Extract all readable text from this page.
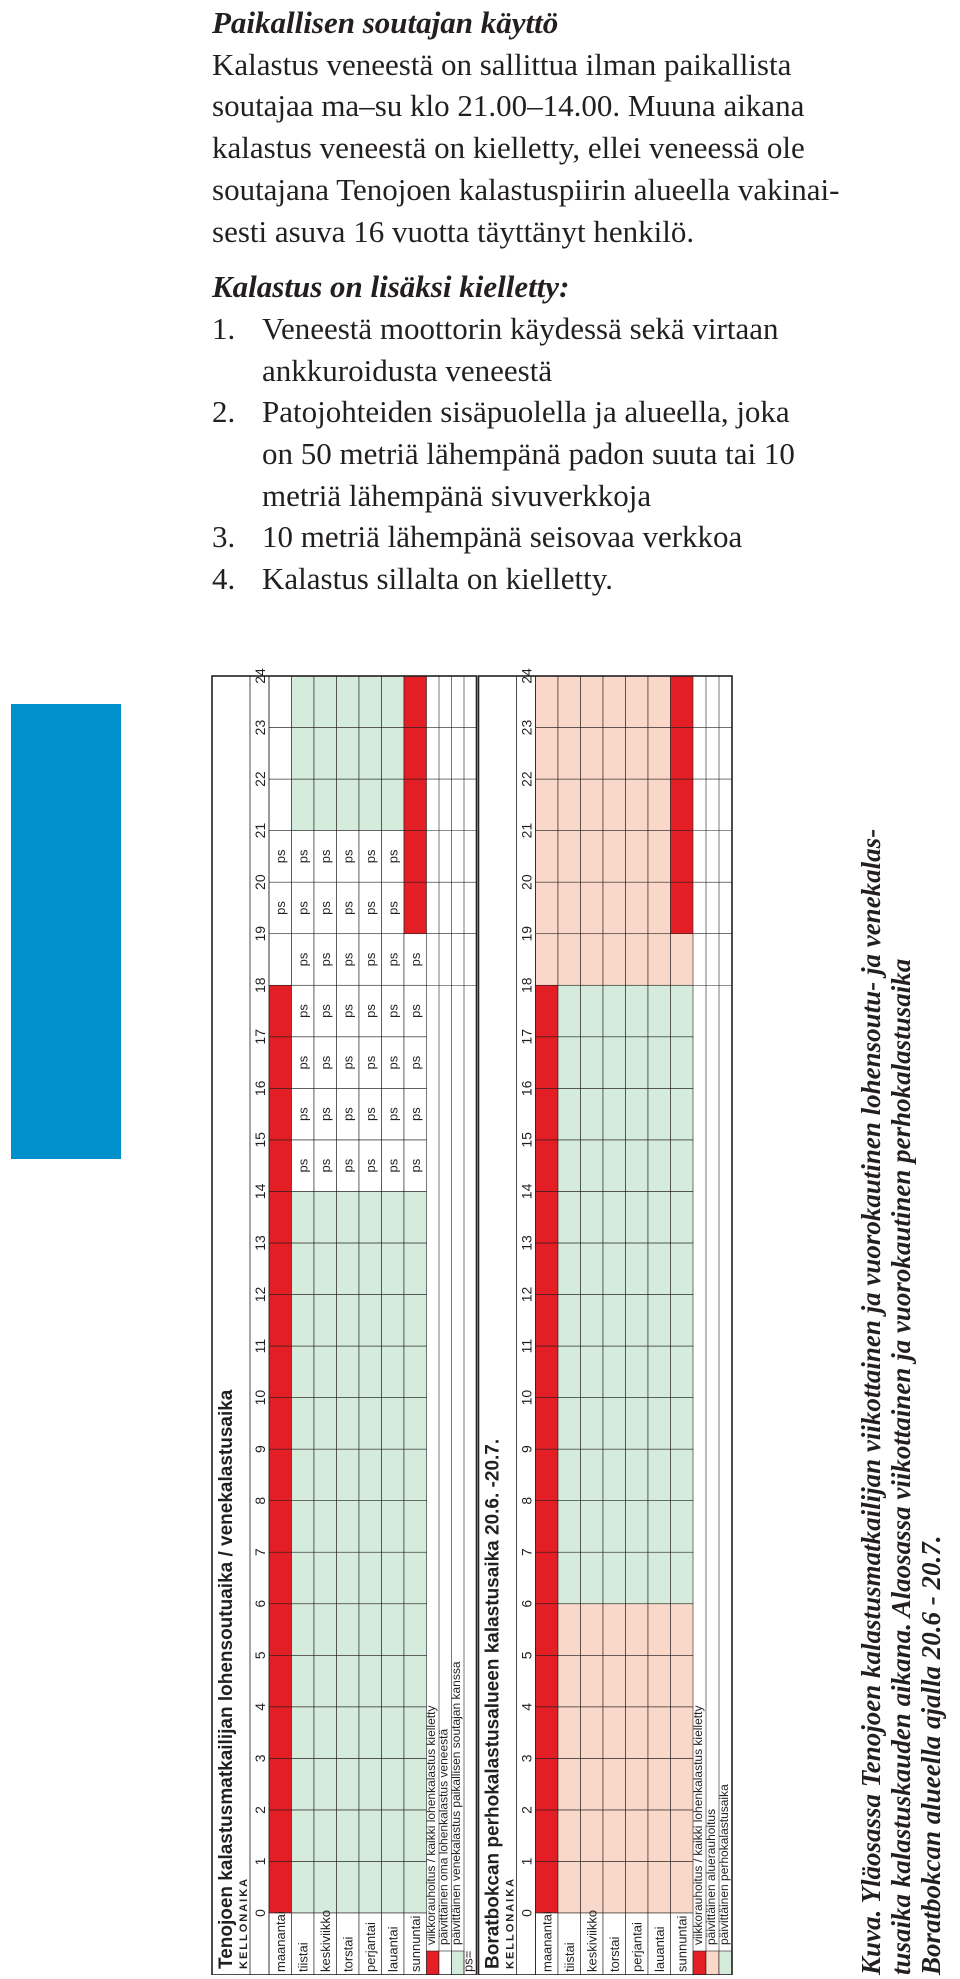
Paikallisen soutajan käyttö
Kalastus veneestä on sallittua ilman paikallista
soutajaa ma–su klo 21.00–14.00. Muuna aikana
kalastus veneestä on kielletty, ellei veneessä ole
soutajana Tenojoen kalastuspiirin alueella vakinai-
sesti asuva 16 vuotta täyttänyt henkilö.
Kalastus on lisäksi kielletty:
1. Veneestä moottorin käydessä sekä virtaan
ankkuroidusta veneestä
2. Patojohteiden sisäpuolella ja alueella, joka
on 50 metriä lähempänä padon suuta tai 10
metriä lähempänä sivuverkkoja
3. 10 metriä lähempänä seisovaa verkkoa
4. Kalastus sillalta on kielletty.
Tenojoen kalastusmatkailijan lohensoutuaika / venekalastusaika KELLONAIKA 0
1
2
3
4
5
6
7
8
9
10
11
12
13
14
15
16
17
18
19
20
21
22
23
24
ps
ps
maanantai
ps
ps
ps
ps
ps
ps
ps
tiistai
ps
ps
ps
ps
ps
ps
ps
keskiviikko
ps
ps
ps
ps
ps
ps
ps
torstai
ps
ps
ps
ps
ps
ps
ps
perjantai
ps
ps
ps
ps
ps
ps
ps
lauantai
ps
ps
ps
ps
ps
sunnuntai viikkorauhoitus / kaikki lohenkalastus kielletty
päivittäinen oma lohenkalastus veneestä
päivittäinen venekalastus paikallisen soutajan kanssa
ps= Boratbokcan perhokalastusalueen kalastusaika 20.6. -20.7. KELLONAIKA 0
1
2
3
4
5
6
7
8
9
10
11
12
13
14
15
16
17
18
19
20
21
22
23
24
maanantai tiistai keskiviikko torstai perjantai lauantai sunnuntai viikkorauhoitus / kaikki lohenkalastus kielletty päivittäinen aluerauhoitus päivittäinen perhokalastusaika	Kuva. Yläosassa Tenojoen kalastusmatkailijan viikottainen ja vuorokautinen lohensoutu- ja venekalas- tusaika kalastuskauden aikana. Alaosassa viikottainen ja vuorokautinen perhokalastusaika Boratbokcan alueella ajalla 20.6 - 20.7.
